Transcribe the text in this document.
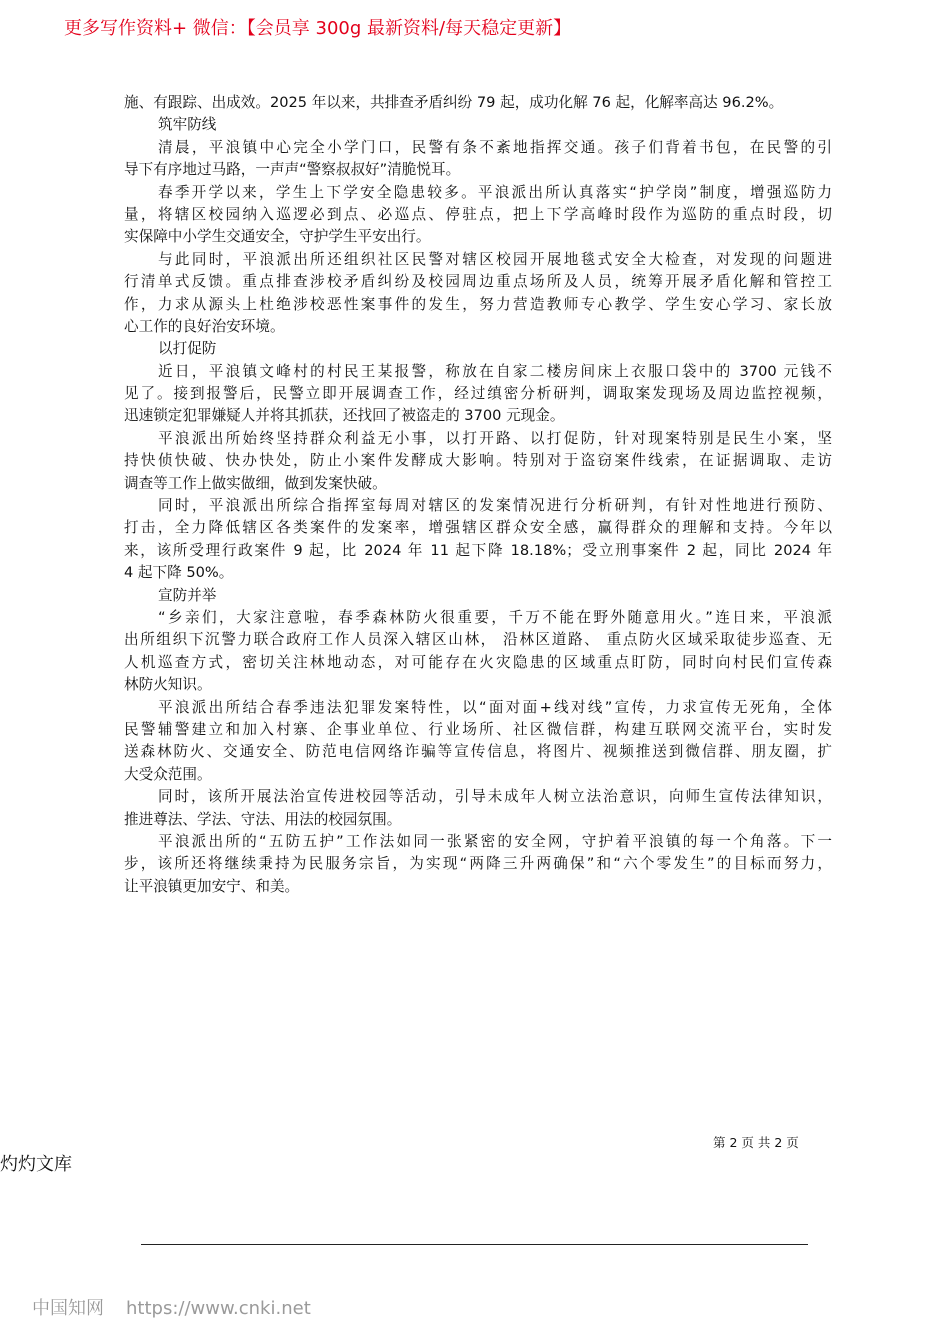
更多写作资料+ 微信：【会员享 300g 最新资料/每天稳定更新】
施、有跟踪、出成效。2025 年以来，共排查矛盾纠纷 79 起，成功化解 76 起，化解率高达 96.2%。
筑牢防线
清晨，平浪镇中心完全小学门口，民警有条不紊地指挥交通。孩子们背着书包，在民警的引
导下有序地过马路，一声声“警察叔叔好”清脆悦耳。
春季开学以来，学生上下学安全隐患较多。平浪派出所认真落实“护学岗”制度，增强巡防力
量，将辖区校园纳入巡逻必到点、必巡点、停驻点，把上下学高峰时段作为巡防的重点时段，切
实保障中小学生交通安全，守护学生平安出行。
与此同时，平浪派出所还组织社区民警对辖区校园开展地毯式安全大检查，对发现的问题进
行清单式反馈。重点排查涉校矛盾纠纷及校园周边重点场所及人员，统筹开展矛盾化解和管控工
作，力求从源头上杜绝涉校恶性案事件的发生，努力营造教师专心教学、学生安心学习、家长放
心工作的良好治安环境。
以打促防
近日，平浪镇文峰村的村民王某报警，称放在自家二楼房间床上衣服口袋中的 3700 元钱不
见了。接到报警后，民警立即开展调查工作，经过缜密分析研判，调取案发现场及周边监控视频，
迅速锁定犯罪嫌疑人并将其抓获，还找回了被盗走的 3700 元现金。
平浪派出所始终坚持群众利益无小事，以打开路、以打促防，针对现案特别是民生小案，坚
持快侦快破、快办快处，防止小案件发酵成大影响。特别对于盗窃案件线索，在证据调取、走访
调查等工作上做实做细，做到发案快破。
同时，平浪派出所综合指挥室每周对辖区的发案情况进行分析研判，有针对性地进行预防、
打击，全力降低辖区各类案件的发案率，增强辖区群众安全感，赢得群众的理解和支持。今年以
来，该所受理行政案件 9 起，比 2024 年 11 起下降 18.18%；受立刑事案件 2 起，同比 2024 年
4 起下降 50%。
宣防并举
“乡亲们，大家注意啦，春季森林防火很重要，千万不能在野外随意用火。”连日来，平浪派
出所组织下沉警力联合政府工作人员深入辖区山林， 沿林区道路、 重点防火区域采取徒步巡查、无
人机巡查方式，密切关注林地动态，对可能存在火灾隐患的区域重点盯防，同时向村民们宣传森
林防火知识。
平浪派出所结合春季违法犯罪发案特性，以“面对面+线对线”宣传，力求宣传无死角，全体
民警辅警建立和加入村寨、企事业单位、行业场所、社区微信群，构建互联网交流平台，实时发
送森林防火、交通安全、防范电信网络诈骗等宣传信息，将图片、视频推送到微信群、朋友圈，扩
大受众范围。
同时，该所开展法治宣传进校园等活动，引导未成年人树立法治意识，向师生宣传法律知识，
推进尊法、学法、守法、用法的校园氛围。
平浪派出所的“五防五护”工作法如同一张紧密的安全网，守护着平浪镇的每一个角落。下一
步，该所还将继续秉持为民服务宗旨，为实现“两降三升两确保”和“六个零发生”的目标而努力，
让平浪镇更加安宁、和美。
第 2 页 共 2 页
灼灼文库
中国知网 https://www.cnki.net
